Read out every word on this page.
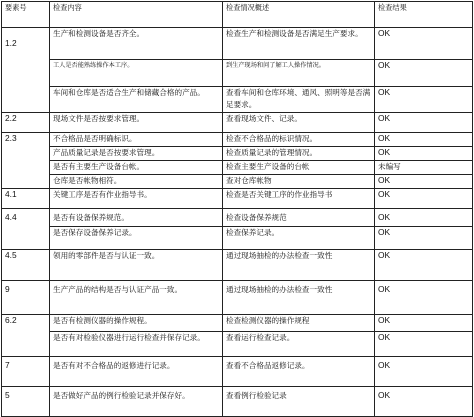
要素号	检查内容	检查情况概述	检查结果
1.2	生产和检测设备是否齐全。	检查生产和检测设备是否满足生产要求。	OK
	工人是否能熟练操作本工序。	到生产现场和问了解工人操作情况。	OK
	车间和仓库是否适合生产和储藏合格的产品。	查看车间和仓库环境、通风、照明等是否满足要求。	OK
2.2	现场文件是否按要求管理。	查看现场文件、记录。	OK
2.3	不合格品是否明确标识。	检查不合格品的标识情况。	OK
	产品质量记录是否按要求管理。	检查质量记录的管理情况。	OK
	是否有主要生产设备台帐。	检查主要生产设备的台帐	未编写
	仓库是否帐物相符。	查对仓库帐物	OK
4.1	关键工序是否有作业指导书。	检查是否关键工序的作业指导书	OK
4.4	是否有设备保养规范。	检查设备保养规范	OK
	是否保存设备保养记录。	检查保养记录。	OK
4.5	领用的零部件是否与认证一致。	通过现场抽检的办法检查一致性	OK
9	生产产品的结构是否与认证产品一致。	通过现场抽检的办法检查一致性	OK
6.2	是否有检测仪器的操作规程。	检查检测仪器的操作规程	OK
	是否有对检验仪器进行运行检查并保存记录。	查看运行检查记录。	OK
7	是否有对不合格品的返修进行记录。	查看不合格品返修记录。	OK
5	是否做好产品的例行检验记录并保存好。	查看例行检验记录	OK
